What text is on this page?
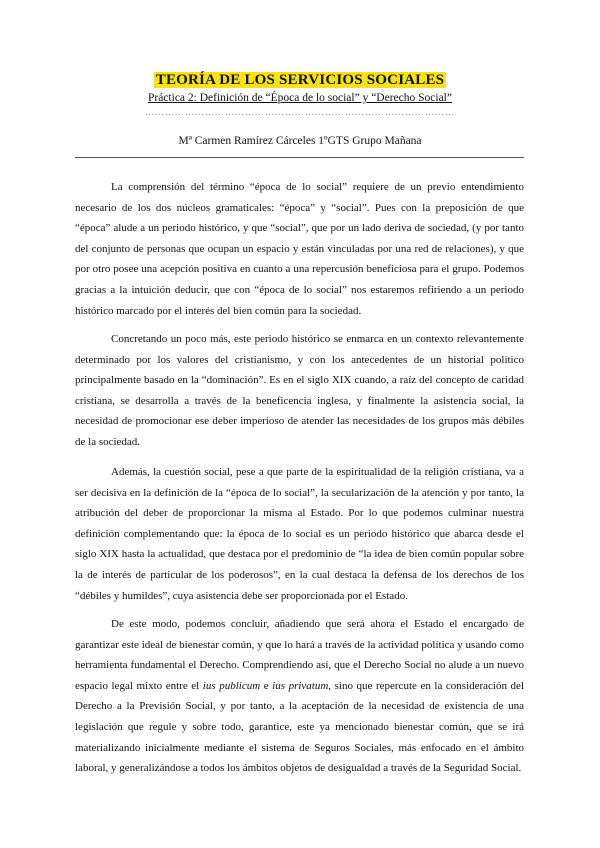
TEORÍA DE LOS SERVICIOS SOCIALES
Práctica 2: Definición de “Época de lo social” y “Derecho Social”
…………………………………………………………………………………
Mª Carmen Ramírez Cárceles 1ºGTS Grupo Mañana

La comprensión del término “época de lo social” requiere de un previo entendimiento necesario de los dos núcleos gramaticales: “época” y “social”. Pues con la preposición de que “época” alude a un periodo histórico, y que “social”, que por un lado deriva de sociedad, (y por tanto del conjunto de personas que ocupan un espacio y están vinculadas por una red de relaciones), y que por otro posee una acepción positiva en cuanto a una repercusión beneficiosa para el grupo. Podemos gracias a la intuición deducir, que con “época de lo social” nos estaremos refiriendo a un periodo histórico marcado por el interés del bien común para la sociedad.

Concretando un poco más, este periodo histórico se enmarca en un contexto relevantemente determinado por los valores del cristianismo, y con los antecedentes de un historial político principalmente basado en la “dominación”. Es en el siglo XIX cuando, a raíz del concepto de caridad cristiana, se desarrolla a través de la beneficencia inglesa, y finalmente la asistencia social, la necesidad de promocionar ese deber imperioso de atender las necesidades de los grupos más débiles de la sociedad.

Además, la cuestión social, pese a que parte de la espiritualidad de la religión cristiana, va a ser decisiva en la definición de la “época de lo social”, la secularización de la atención y por tanto, la atribución del deber de proporcionar la misma al Estado. Por lo que podemos culminar nuestra definición complementando que: la época de lo social es un periodo histórico que abarca desde el siglo XIX hasta la actualidad, que destaca por el predominio de “la idea de bien común popular sobre la de interés de particular de los poderosos”, en la cual destaca la defensa de los derechos de los “débiles y humildes”, cuya asistencia debe ser proporcionada por el Estado.

De este modo, podemos concluir, añadiendo que será ahora el Estado el encargado de garantizar este ideal de bienestar común, y que lo hará a través de la actividad política y usando como herramienta fundamental el Derecho. Comprendiendo así, que el Derecho Social no alude a un nuevo espacio legal mixto entre el ius publicum e ius privatum, sino que repercute en la consideración del Derecho a la Previsión Social, y por tanto, a la aceptación de la necesidad de existencia de una legislación que regule y sobre todo, garantice, este ya mencionado bienestar común, que se irá materializando inicialmente mediante el sistema de Seguros Sociales, más enfocado en el ámbito laboral, y generalizándose a todos los ámbitos objetos de desigualdad a través de la Seguridad Social.
